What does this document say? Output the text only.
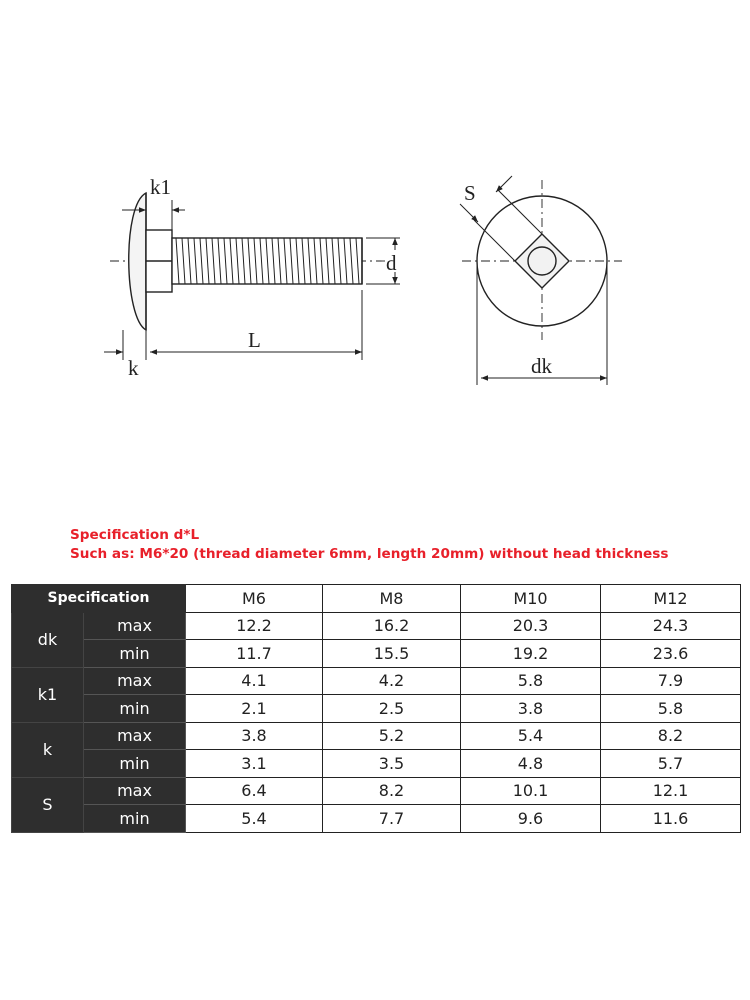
k1
d
L
k
S
dk
Specification d*L
Such as: M6*20 (thread diameter 6mm, length 20mm) without head thickness
Specification		M6	M8	M10	M12
dk	max	12.2	16.2	20.3	24.3
	min	11.7	15.5	19.2	23.6
k1	max	4.1	4.2	5.8	7.9
	min	2.1	2.5	3.8	5.8
k	max	3.8	5.2	5.4	8.2
	min	3.1	3.5	4.8	5.7
S	max	6.4	8.2	10.1	12.1
	min	5.4	7.7	9.6	11.6
